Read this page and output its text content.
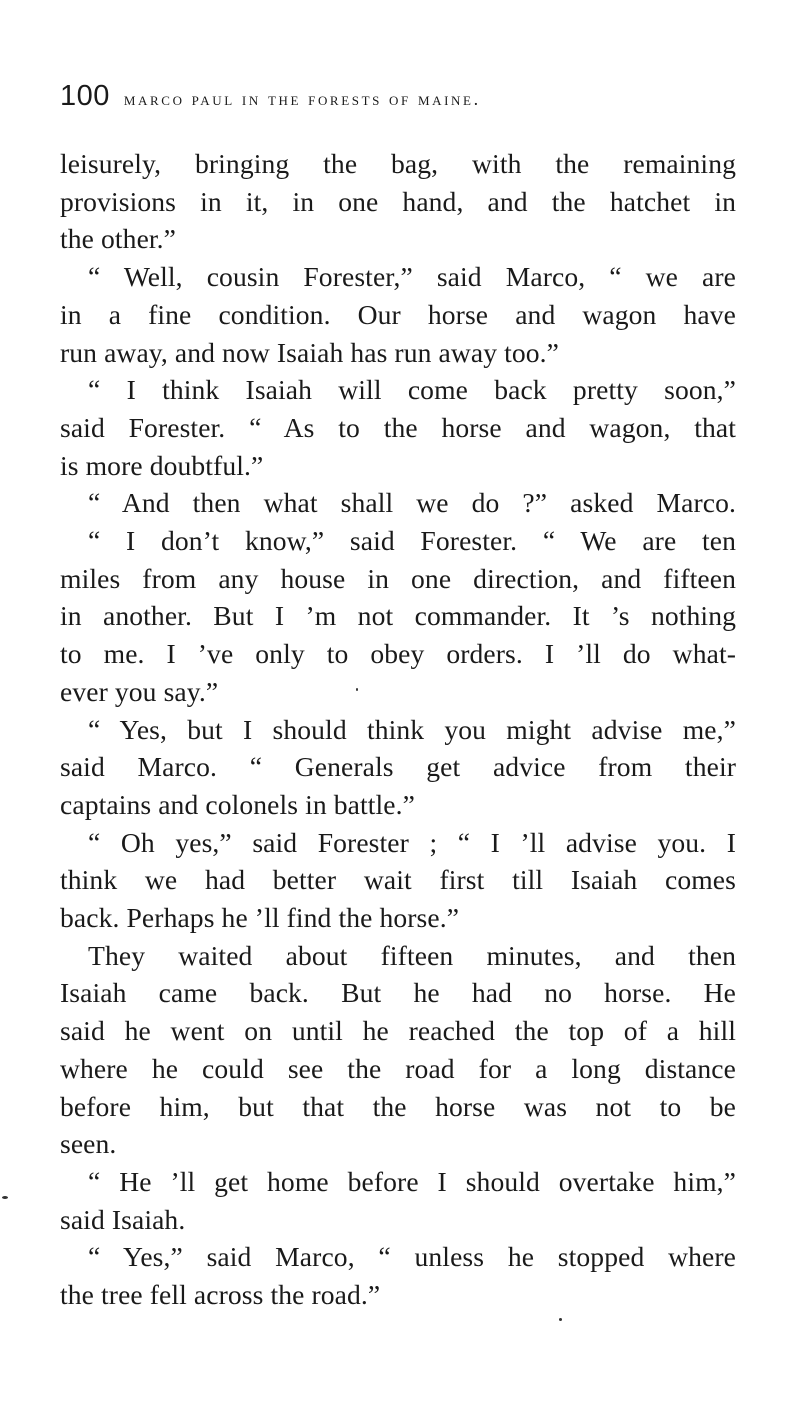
100 marco paul in the forests of maine.

leisurely, bringing the bag, with the remaining
provisions in it, in one hand, and the hatchet in
the other.”

“ Well, cousin Forester,” said Marco, “ we are
in a fine condition. Our horse and wagon have
run away, and now Isaiah has run away too.”

“ I think Isaiah will come back pretty soon,”
said Forester. “ As to the horse and wagon, that
is more doubtful.”

“ And then what shall we do ?” asked Marco.

“ I don’t know,” said Forester. “ We are ten
miles from any house in one direction, and fifteen
in another. But I ’m not commander. It ’s nothing
to me. I ’ve only to obey orders. I ’ll do what-
ever you say.”

“ Yes, but I should think you might advise me,”
said Marco. “ Generals get advice from their
captains and colonels in battle.”

“ Oh yes,” said Forester ; “ I ’ll advise you. I
think we had better wait first till Isaiah comes
back. Perhaps he ’ll find the horse.”

They waited about fifteen minutes, and then
Isaiah came back. But he had no horse. He
said he went on until he reached the top of a hill
where he could see the road for a long distance
before him, but that the horse was not to be
seen.

“ He ’ll get home before I should overtake him,”
said Isaiah.

“ Yes,” said Marco, “ unless he stopped where
the tree fell across the road.”
